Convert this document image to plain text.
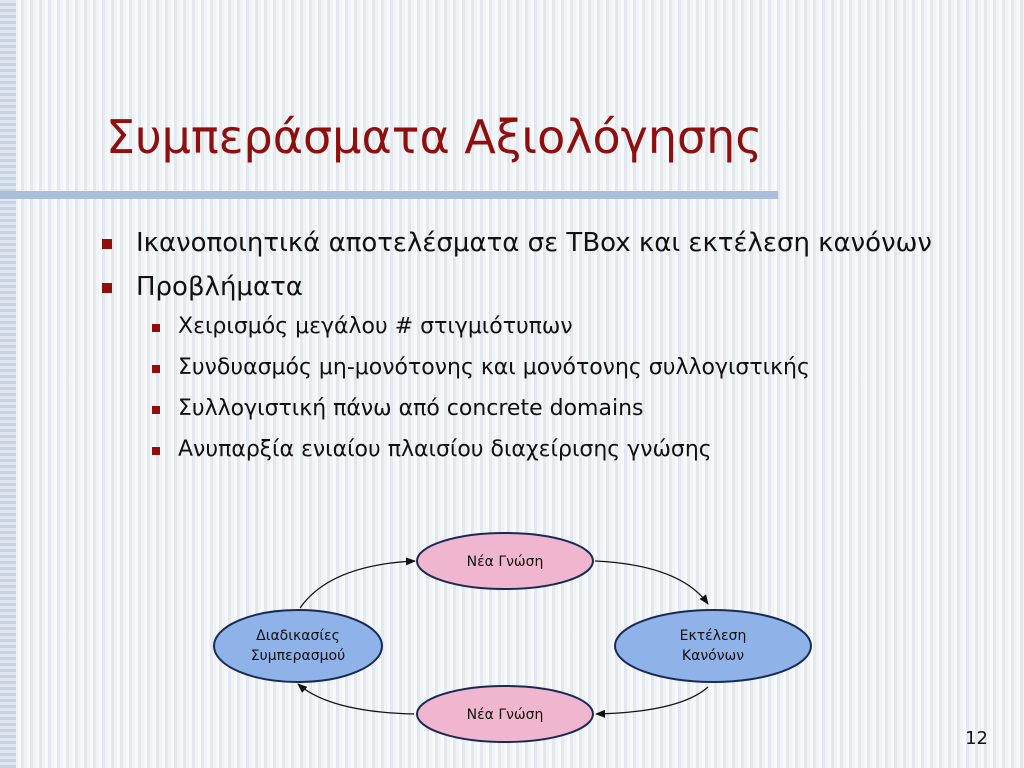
Συμπεράσματα Αξιολόγησης
Ικανοποιητικά αποτελέσματα σε TBox και εκτέλεση κανόνων
Προβλήματα
Χειρισμός μεγάλου # στιγμιότυπων
Συνδυασμός μη-μονότονης και μονότονης συλλογιστικής
Συλλογιστική πάνω από concrete domains
Ανυπαρξία ενιαίου πλαισίου διαχείρισης γνώσης
Νέα Γνώση
Εκτέλεση
Κανόνων
Νέα Γνώση
Διαδικασίες
Συμπερασμού
12
